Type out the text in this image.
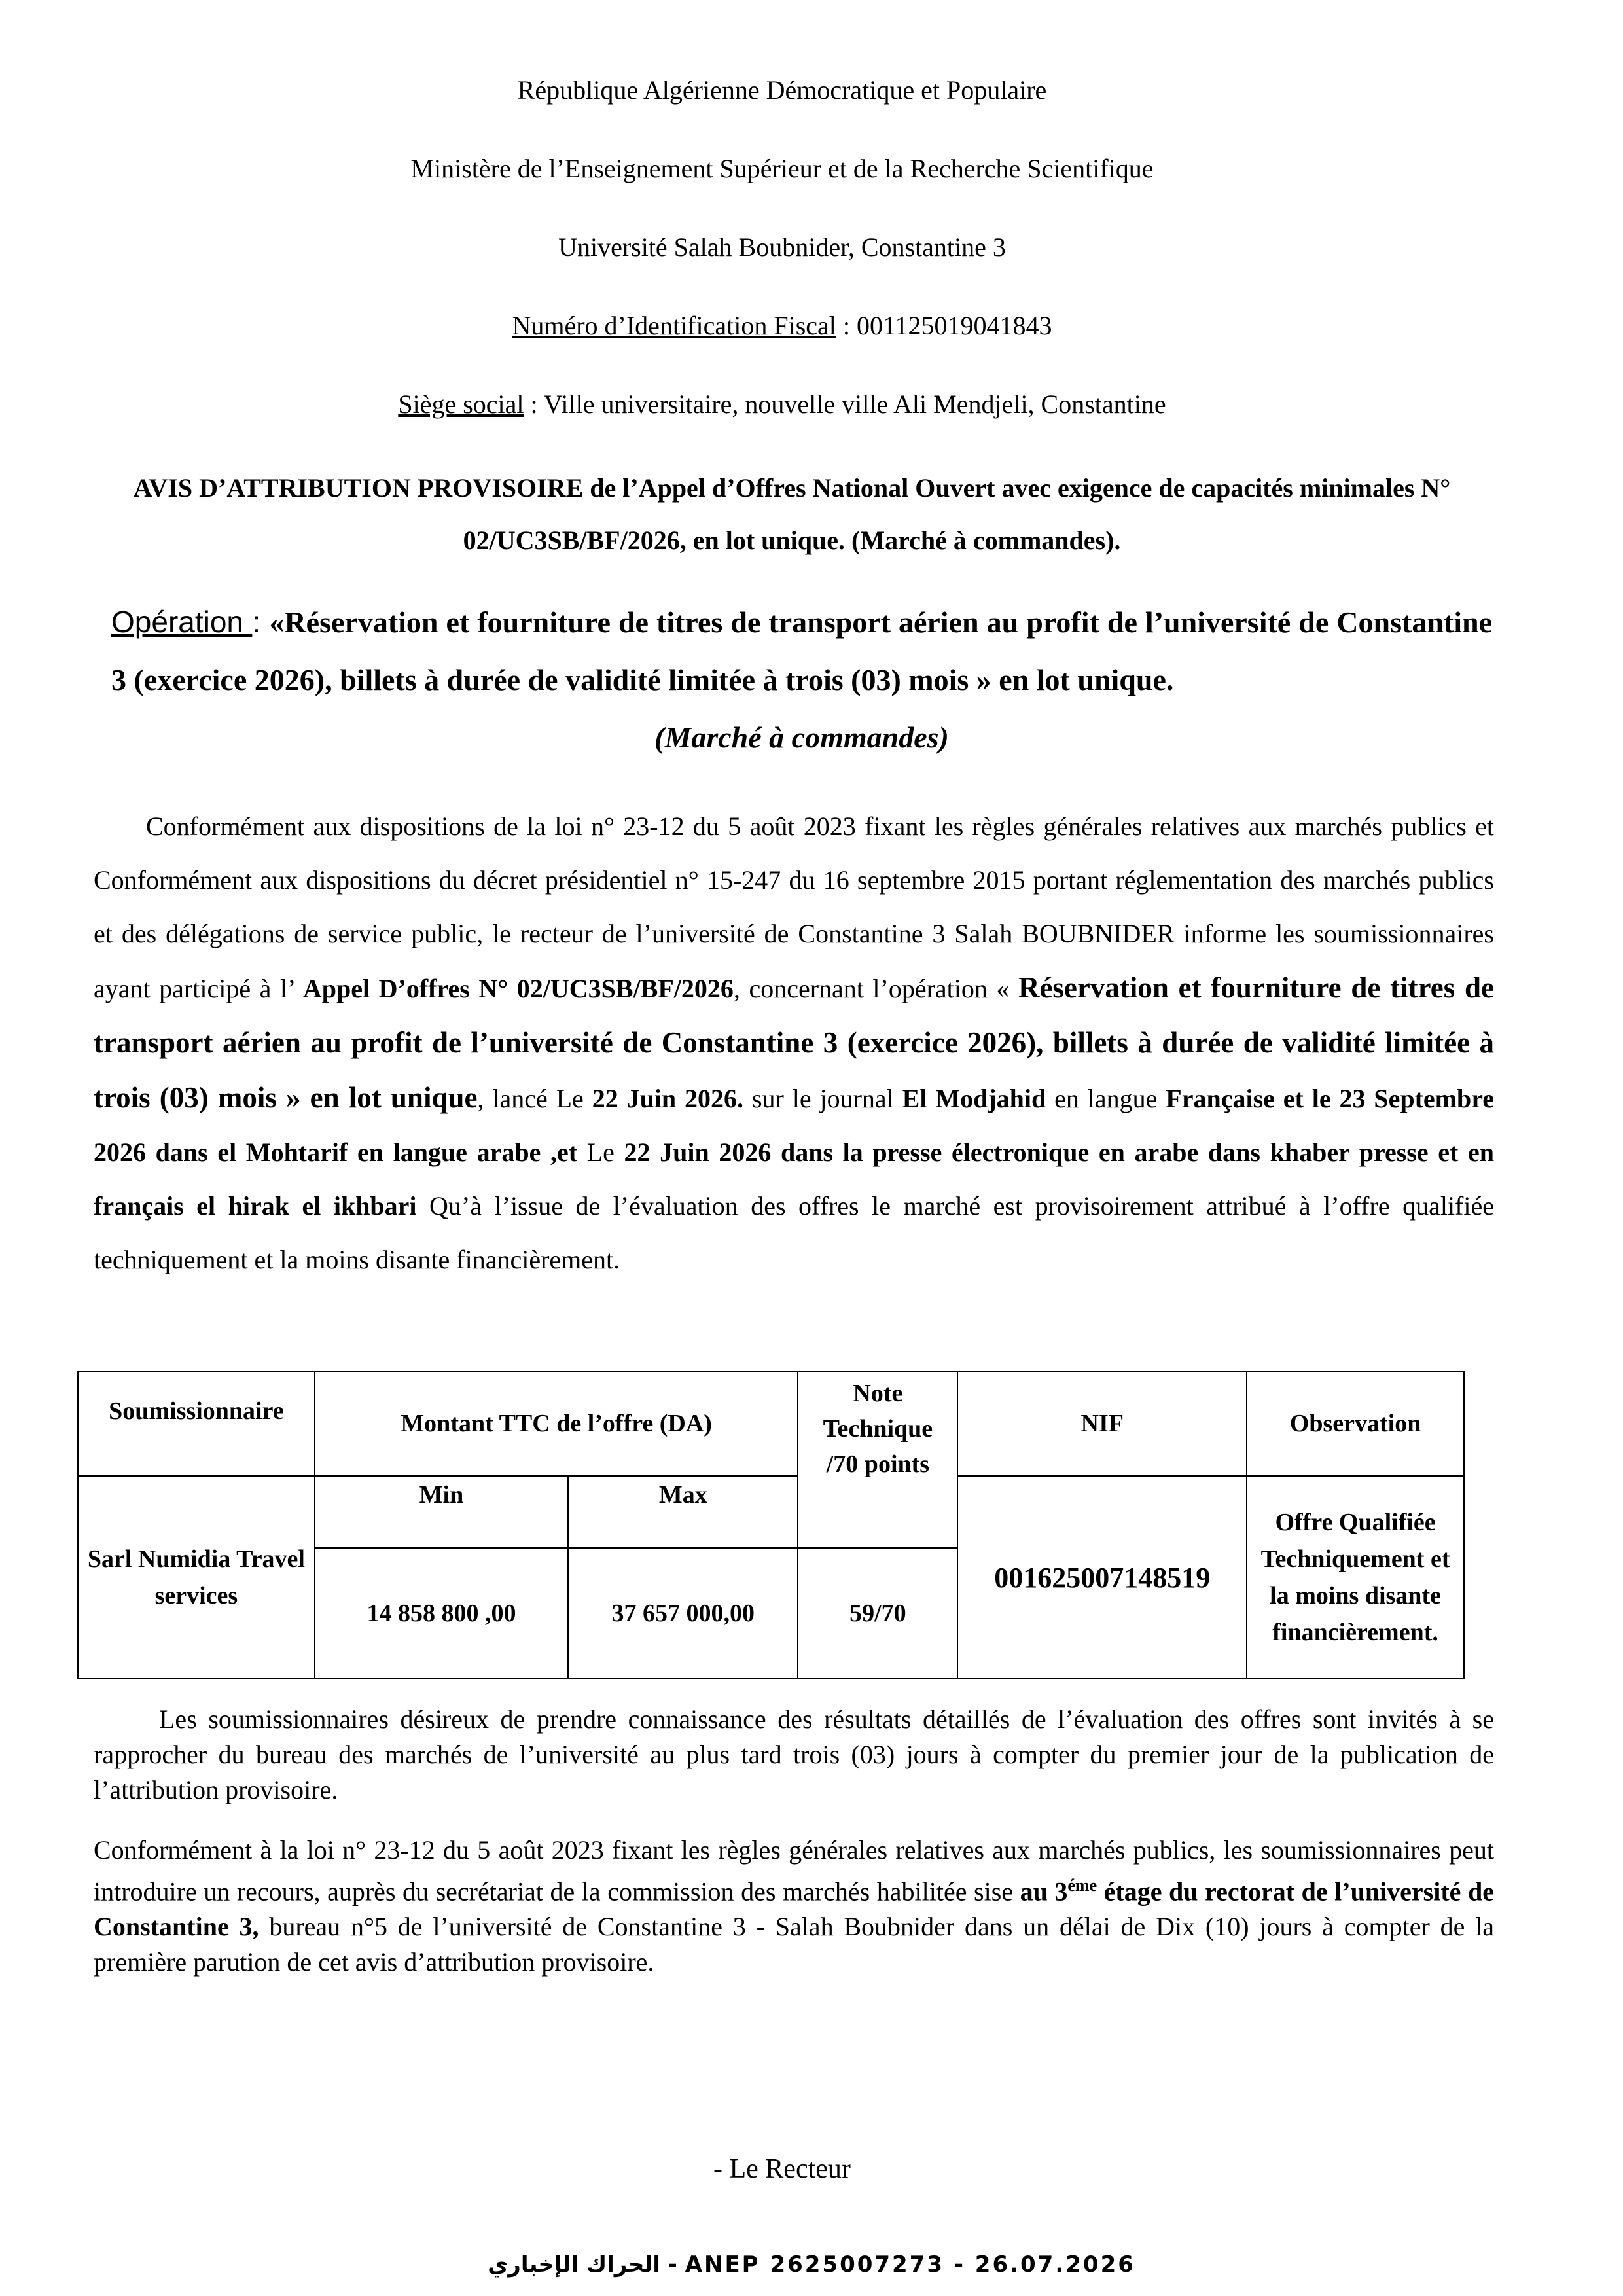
République Algérienne Démocratique et Populaire
Ministère de l’Enseignement Supérieur et de la Recherche Scientifique
Université Salah Boubnider, Constantine 3
Numéro d’Identification Fiscal : 001125019041843
Siège social : Ville universitaire, nouvelle ville Ali Mendjeli, Constantine
AVIS D’ATTRIBUTION PROVISOIRE de l’Appel d’Offres National Ouvert avec exigence de capacités minimales N° 02/UC3SB/BF/2026, en lot unique. (Marché à commandes).
Opération : «Réservation et fourniture de titres de transport aérien au profit de l’université de Constantine 3 (exercice 2026), billets à durée de validité limitée à trois (03) mois » en lot unique.
(Marché à commandes)
Conformément aux dispositions de la loi n° 23-12 du 5 août 2023 fixant les règles générales relatives aux marchés publics et Conformément aux dispositions du décret présidentiel n° 15-247 du 16 septembre 2015 portant réglementation des marchés publics et des délégations de service public, le recteur de l’université de Constantine 3 Salah BOUBNIDER informe les soumissionnaires ayant participé à l’ Appel D’offres N° 02/UC3SB/BF/2026, concernant l’opération « Réservation et fourniture de titres de transport aérien au profit de l’université de Constantine 3 (exercice 2026), billets à durée de validité limitée à trois (03) mois » en lot unique, lancé Le 22 Juin 2026. sur le journal El Modjahid en langue Française et le 23 Septembre 2026 dans el Mohtarif en langue arabe ,et Le 22 Juin 2026 dans la presse électronique en arabe dans khaber presse et en français el hirak el ikhbari Qu’à l’issue de l’évaluation des offres le marché est provisoirement attribué à l’offre qualifiée techniquement et la moins disante financièrement.
Soumissionnaire	Montant TTC de l’offre (DA)		Note Technique /70 points	NIF	Observation
Sarl Numidia Travel services	Min	Max		001625007148519	Offre Qualifiée Techniquement et la moins disante financièrement.
	14 858 800 ,00	37 657 000,00	59/70		
Les soumissionnaires désireux de prendre connaissance des résultats détaillés de l’évaluation des offres sont invités à se rapprocher du bureau des marchés de l’université au plus tard trois (03) jours à compter du premier jour de la publication de l’attribution provisoire.
Conformément à la loi n° 23-12 du 5 août 2023 fixant les règles générales relatives aux marchés publics, les soumissionnaires peut introduire un recours, auprès du secrétariat de la commission des marchés habilitée sise au $3^{éme}$ étage du rectorat de l’université de Constantine 3, bureau n°5 de l’université de Constantine 3 - Salah Boubnider dans un délai de Dix (10) jours à compter de la première parution de cet avis d’attribution provisoire.
- Le Recteur
الحراك الإخباري - ANEP 2625007273 - 26.07.2026
